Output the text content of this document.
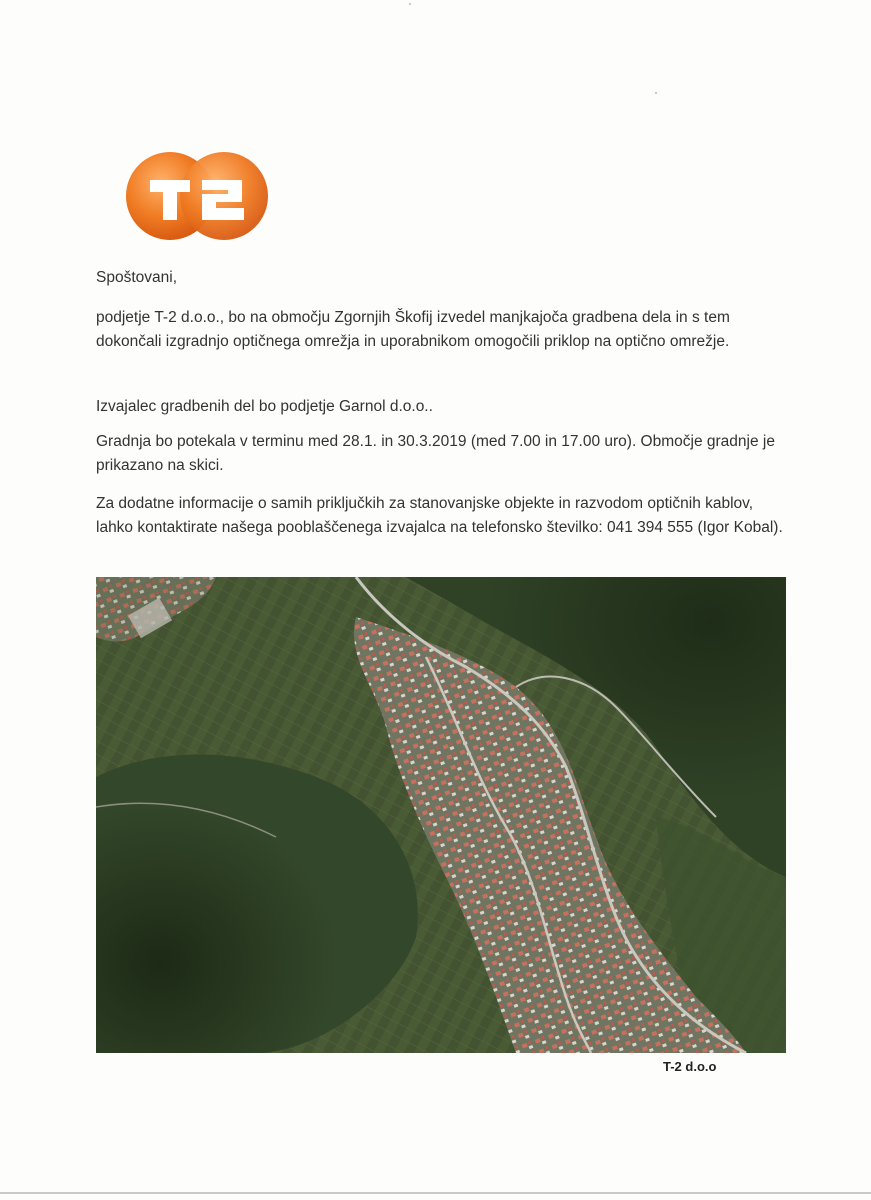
Spoštovani,

podjetje T-2 d.o.o., bo na območju Zgornjih Škofij izvedel manjkajoča gradbena dela in s tem dokončali izgradnjo optičnega omrežja in uporabnikom omogočili priklop na optično omrežje.

Izvajalec gradbenih del bo podjetje Garnol d.o.o..

Gradnja bo potekala v terminu med 28.1. in 30.3.2019 (med 7.00 in 17.00 uro). Območje gradnje je prikazano na skici.

Za dodatne informacije o samih priključkih za stanovanjske objekte in razvodom optičnih kablov, lahko kontaktirate našega pooblaščenega izvajalca na telefonsko številko: 041 394 555 (Igor Kobal).

T-2 d.o.o
